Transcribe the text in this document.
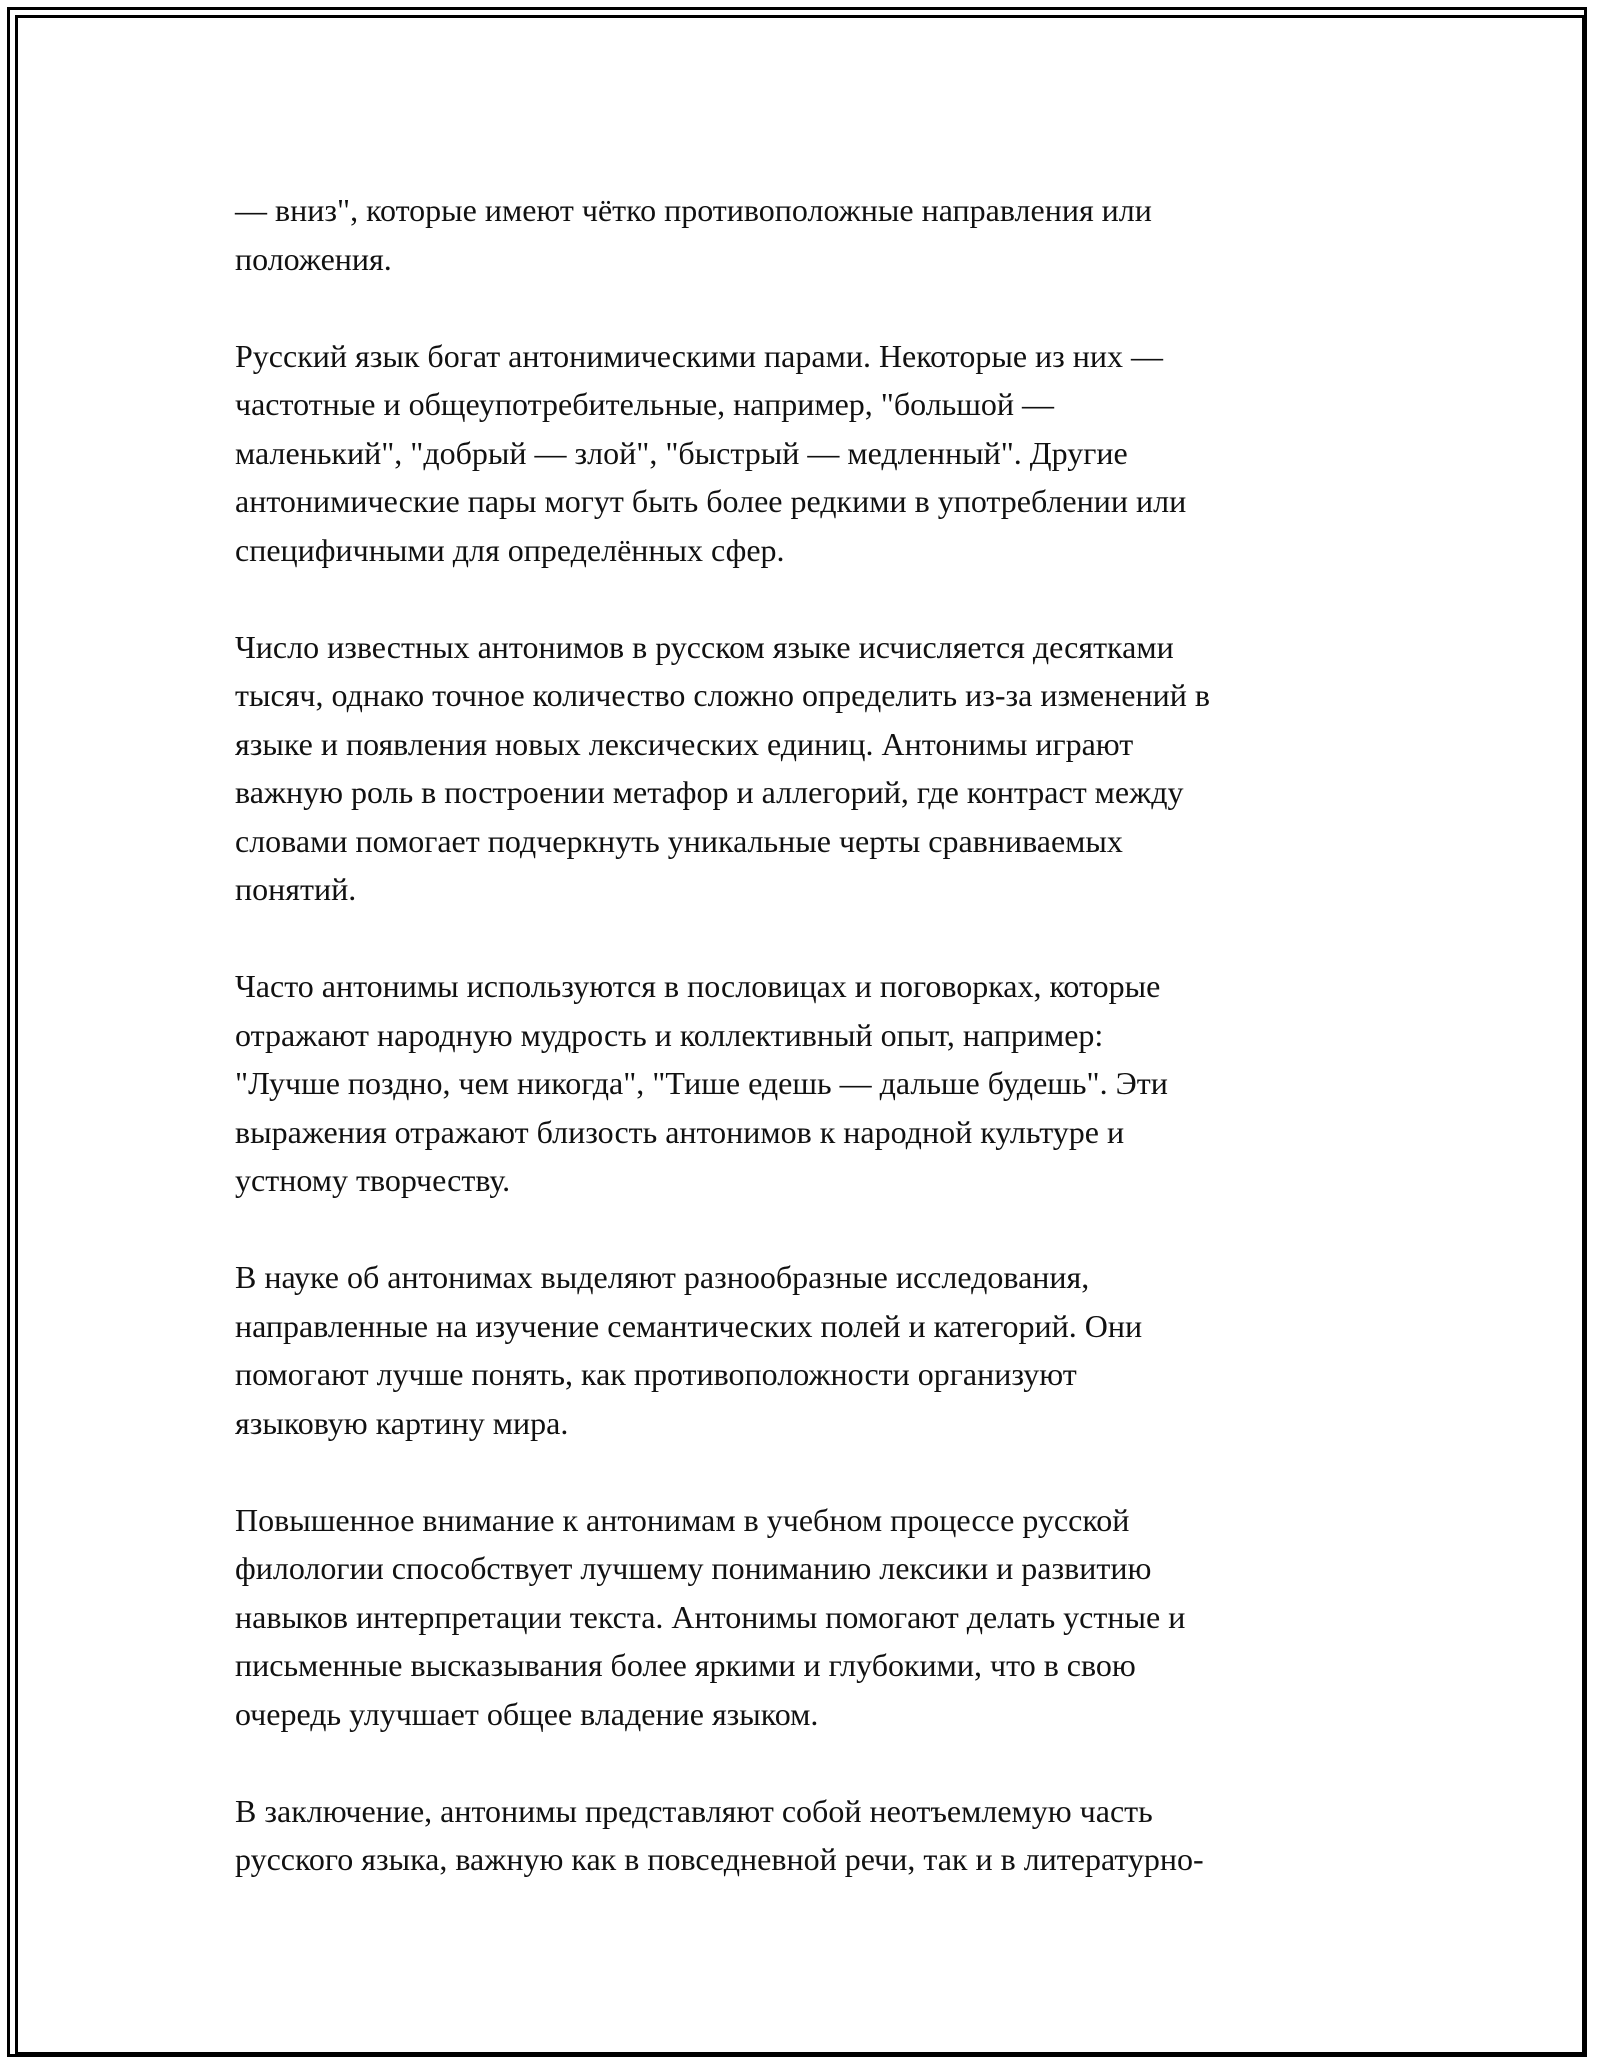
— вниз", которые имеют чётко противоположные направления или
положения.

Русский язык богат антонимическими парами. Некоторые из них —
частотные и общеупотребительные, например, "большой —
маленький", "добрый — злой", "быстрый — медленный". Другие
антонимические пары могут быть более редкими в употреблении или
специфичными для определённых сфер.

Число известных антонимов в русском языке исчисляется десятками
тысяч, однако точное количество сложно определить из-за изменений в
языке и появления новых лексических единиц. Антонимы играют
важную роль в построении метафор и аллегорий, где контраст между
словами помогает подчеркнуть уникальные черты сравниваемых
понятий.

Часто антонимы используются в пословицах и поговорках, которые
отражают народную мудрость и коллективный опыт, например:
"Лучше поздно, чем никогда", "Тише едешь — дальше будешь". Эти
выражения отражают близость антонимов к народной культуре и
устному творчеству.

В науке об антонимах выделяют разнообразные исследования,
направленные на изучение семантических полей и категорий. Они
помогают лучше понять, как противоположности организуют
языковую картину мира.

Повышенное внимание к антонимам в учебном процессе русской
филологии способствует лучшему пониманию лексики и развитию
навыков интерпретации текста. Антонимы помогают делать устные и
письменные высказывания более яркими и глубокими, что в свою
очередь улучшает общее владение языком.

В заключение, антонимы представляют собой неотъемлемую часть
русского языка, важную как в повседневной речи, так и в литературно-
